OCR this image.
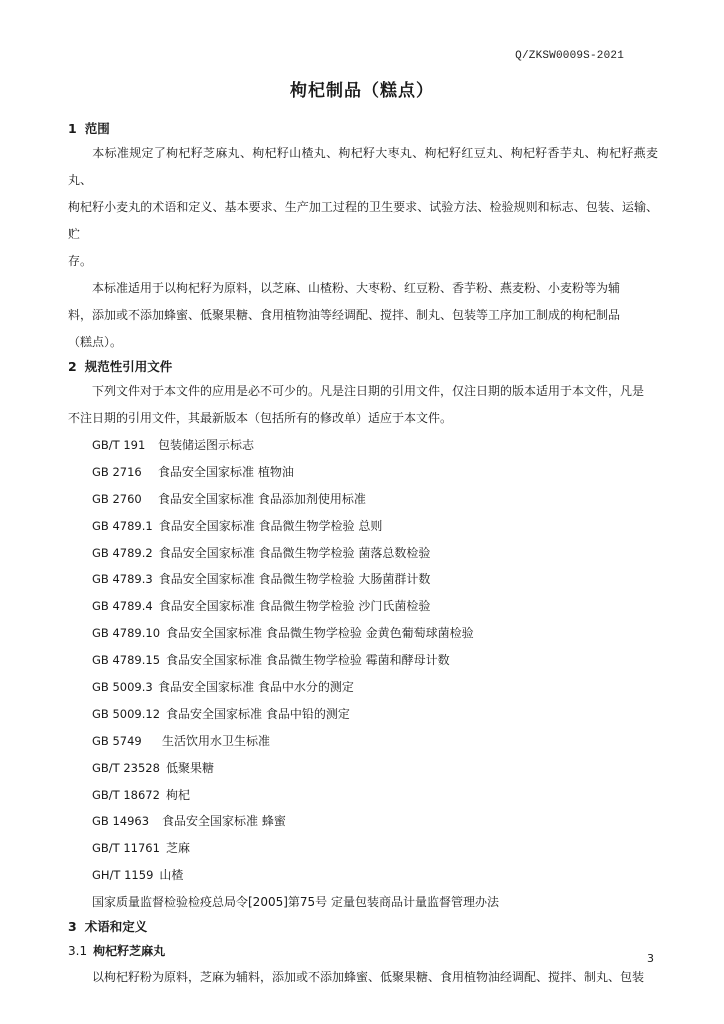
Q/ZKSW0009S-2021
枸杞制品（糕点）
1 范围

本标准规定了枸杞籽芝麻丸、枸杞籽山楂丸、枸杞籽大枣丸、枸杞籽红豆丸、枸杞籽香芋丸、枸杞籽燕麦丸、
枸杞籽小麦丸的术语和定义、基本要求、生产加工过程的卫生要求、试验方法、检验规则和标志、包装、运输、贮
存。

本标准适用于以枸杞籽为原料，以芝麻、山楂粉、大枣粉、红豆粉、香芋粉、燕麦粉、小麦粉等为辅
料，添加或不添加蜂蜜、低聚果糖、食用植物油等经调配、搅拌、制丸、包装等工序加工制成的枸杞制品
（糕点）。

2 规范性引用文件

下列文件对于本文件的应用是必不可少的。凡是注日期的引用文件，仅注日期的版本适用于本文件，凡是
不注日期的引用文件，其最新版本（包括所有的修改单）适应于本文件。

GB/T 191 包装储运图示标志
GB 2716 食品安全国家标准 植物油
GB 2760 食品安全国家标准 食品添加剂使用标准
GB 4789.1 食品安全国家标准 食品微生物学检验 总则
GB 4789.2 食品安全国家标准 食品微生物学检验 菌落总数检验
GB 4789.3 食品安全国家标准 食品微生物学检验 大肠菌群计数
GB 4789.4 食品安全国家标准 食品微生物学检验 沙门氏菌检验
GB 4789.10 食品安全国家标准 食品微生物学检验 金黄色葡萄球菌检验
GB 4789.15 食品安全国家标准 食品微生物学检验 霉菌和酵母计数
GB 5009.3 食品安全国家标准 食品中水分的测定
GB 5009.12 食品安全国家标准 食品中铅的测定
GB 5749 生活饮用水卫生标准
GB/T 23528 低聚果糖
GB/T 18672 枸杞
GB 14963 食品安全国家标准 蜂蜜
GB/T 11761 芝麻
GH/T 1159 山楂
国家质量监督检验检疫总局令[2005]第75号 定量包装商品计量监督管理办法
3 术语和定义
3.1 枸杞籽芝麻丸

以枸杞籽粉为原料，芝麻为辅料，添加或不添加蜂蜜、低聚果糖、食用植物油经调配、搅拌、制丸、包装

3
